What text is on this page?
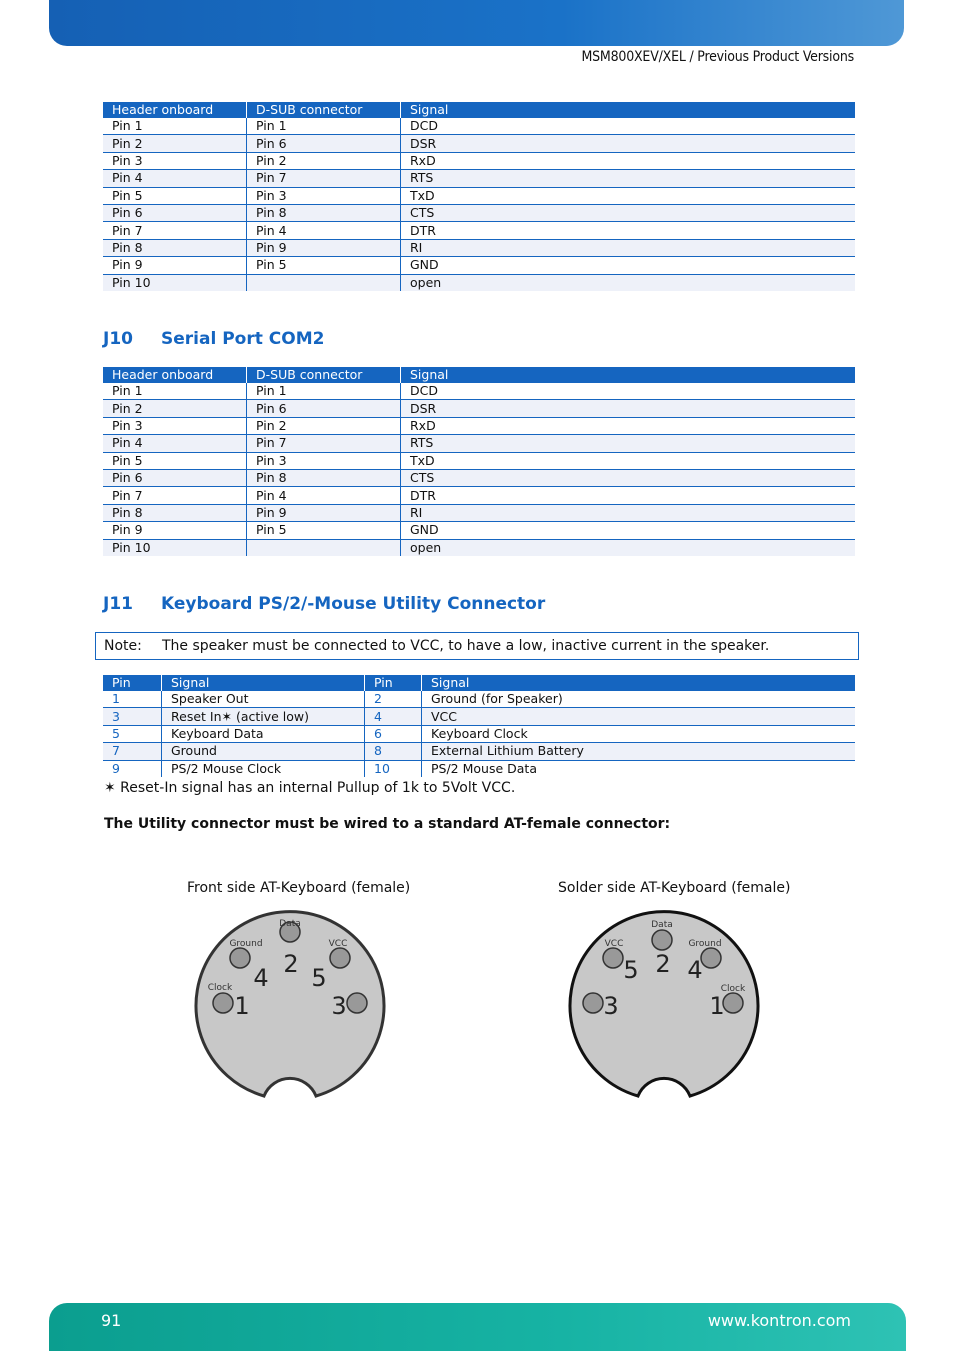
MSM800XEV/XEL / Previous Product Versions
Header onboard	D-SUB connector	Signal
Pin 1	Pin 1	DCD
Pin 2	Pin 6	DSR
Pin 3	Pin 2	RxD
Pin 4	Pin 7	RTS
Pin 5	Pin 3	TxD
Pin 6	Pin 8	CTS
Pin 7	Pin 4	DTR
Pin 8	Pin 9	RI
Pin 9	Pin 5	GND
Pin 10		open
J10 Serial Port COM2
Header onboard	D-SUB connector	Signal
Pin 1	Pin 1	DCD
Pin 2	Pin 6	DSR
Pin 3	Pin 2	RxD
Pin 4	Pin 7	RTS
Pin 5	Pin 3	TxD
Pin 6	Pin 8	CTS
Pin 7	Pin 4	DTR
Pin 8	Pin 9	RI
Pin 9	Pin 5	GND
Pin 10		open
J11 Keyboard PS/2/-Mouse Utility Connector
Note: The speaker must be connected to VCC, to have a low, inactive current in the speaker.
Pin	Signal	Pin	Signal
1	Speaker Out	2	Ground (for Speaker)
3	Reset In✶ (active low)	4	VCC
5	Keyboard Data	6	Keyboard Clock
7	Ground	8	External Lithium Battery
9	PS/2 Mouse Clock	10	PS/2 Mouse Data
✶ Reset-In signal has an internal Pullup of 1k to 5Volt VCC.
The Utility connector must be wired to a standard AT-female connector:
Front side AT-Keyboard (female)	Solder side AT-Keyboard (female)
Data
Ground	VCC
Clock 4 2 5
1	3
Data
VCC	Ground
Clock
5 2 4
3	1
91	www.kontron.com
